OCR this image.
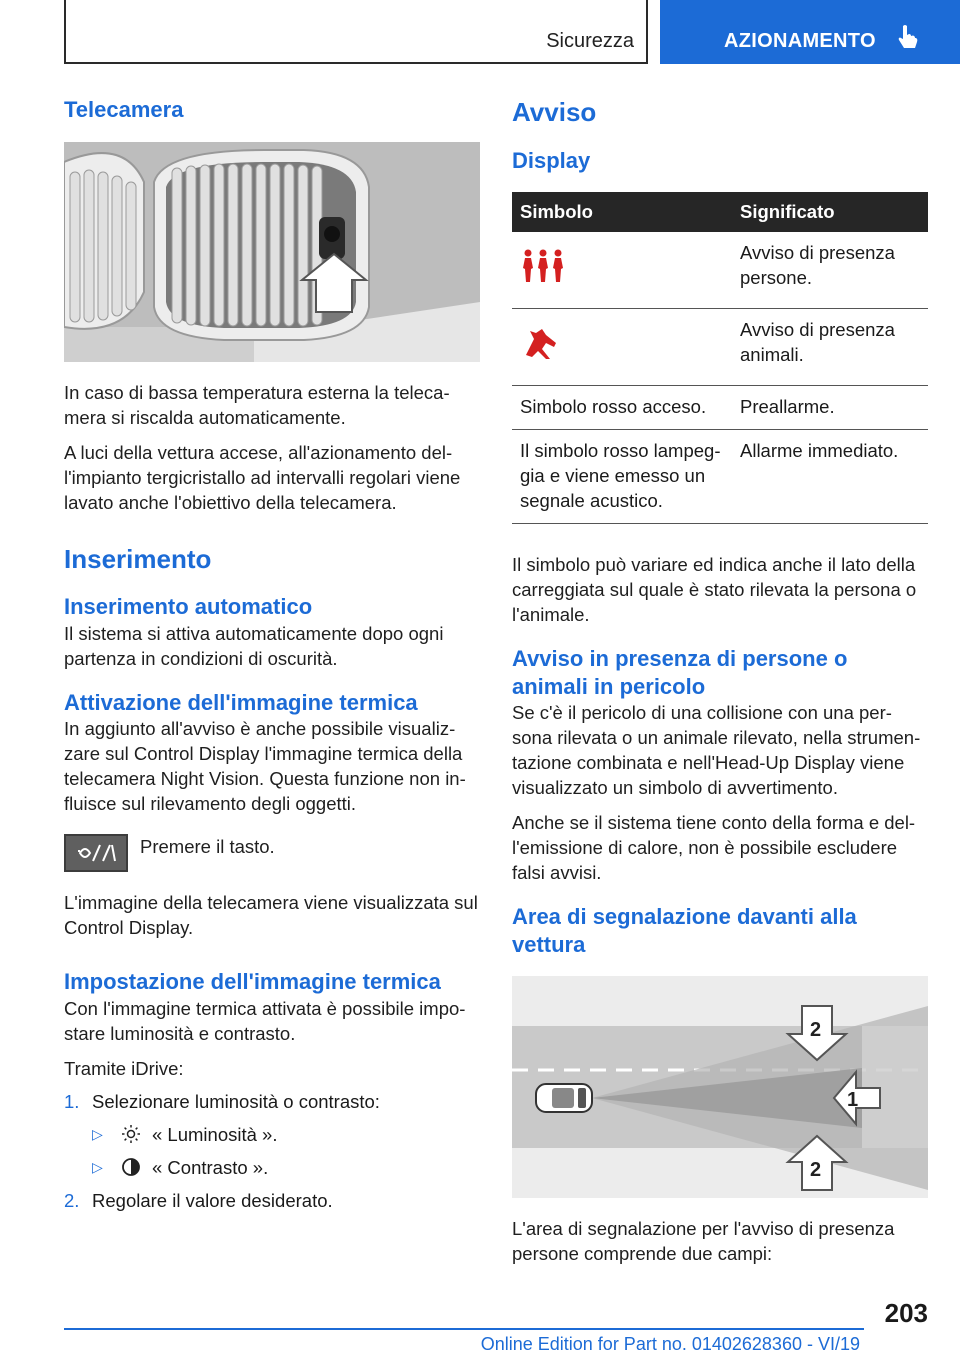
Sicurezza	AZIONAMENTO
Telecamera

In caso di bassa temperatura esterna la teleca- mera si riscalda automaticamente.

A luci della vettura accese, all'azionamento del- l'impianto tergicristallo ad intervalli regolari viene lavato anche l'obiettivo della telecamera.

Inserimento
Inserimento automatico

Il sistema si attiva automaticamente dopo ogni partenza in condizioni di oscurità.

Attivazione dell'immagine termica

In aggiunto all'avviso è anche possibile visualiz- zare sul Control Display l'immagine termica della telecamera Night Vision. Questa funzione non in- fluisce sul rilevamento degli oggetti.

Premere il tasto.

L'immagine della telecamera viene visualizzata sul Control Display.

Impostazione dell'immagine termica

Con l'immagine termica attivata è possibile impo- stare luminosità e contrasto.

Tramite iDrive:

1. Selezionare luminosità o contrasto:
▷	« Luminosità ».
▷	« Contrasto ».
2. Regolare il valore desiderato.
Avviso
Display
Simbolo	Significato
	Avviso di presenza persone.
	Avviso di presenza animali.
Simbolo rosso acceso.	Preallarme.
Il simbolo rosso lampeg- gia e viene emesso un segnale acustico.	Allarme immediato.

Il simbolo può variare ed indica anche il lato della carreggiata sul quale è stato rilevata la persona o l'animale.

Avviso in presenza di persone o animali in pericolo

Se c'è il pericolo di una collisione con una per- sona rilevata o un animale rilevato, nella strumen- tazione combinata e nell'Head-Up Display viene visualizzato un simbolo di avvertimento.

Anche se il sistema tiene conto della forma e del- l'emissione di calore, non è possibile escludere falsi avvisi.

Area di segnalazione davanti alla vettura
1
2
2

L'area di segnalazione per l'avviso di presenza persone comprende due campi:

203
Online Edition for Part no. 01402628360 - VI/19
